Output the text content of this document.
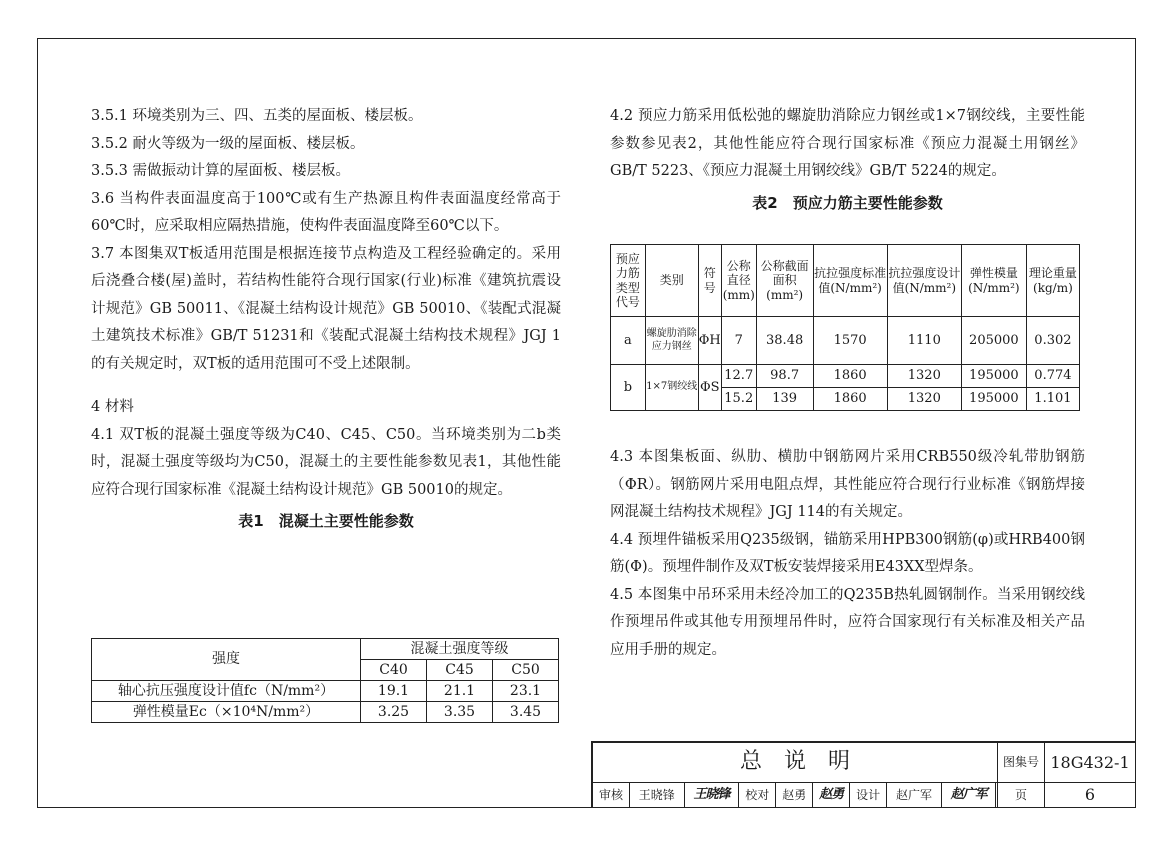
3.5.1 环境类别为三、四、五类的屋面板、楼层板。

3.5.2 耐火等级为一级的屋面板、楼层板。

3.5.3 需做振动计算的屋面板、楼层板。

3.6 当构件表面温度高于100℃或有生产热源且构件表面温度经常高于60℃时，应采取相应隔热措施，使构件表面温度降至60℃以下。

3.7 本图集双T板适用范围是根据连接节点构造及工程经验确定的。采用后浇叠合楼(屋)盖时，若结构性能符合现行国家(行业)标准《建筑抗震设计规范》GB 50011、《混凝土结构设计规范》GB 50010、《装配式混凝土建筑技术标准》GB/T 51231和《装配式混凝土结构技术规程》JGJ 1的有关规定时，双T板的适用范围可不受上述限制。

4 材料

4.1 双T板的混凝土强度等级为C40、C45、C50。当环境类别为二b类时，混凝土强度等级均为C50，混凝土的主要性能参数见表1，其他性能应符合现行国家标准《混凝土结构设计规范》GB 50010的规定。

表1　混凝土主要性能参数
强度	混凝土强度等级		
	C40	C45	C50
轴心抗压强度设计值fc（N/mm²）	19.1	21.1	23.1
弹性模量Ec（×10⁴N/mm²）	3.25	3.35	3.45

4.2 预应力筋采用低松弛的螺旋肋消除应力钢丝或1×7钢绞线，主要性能参数参见表2，其他性能应符合现行国家标准《预应力混凝土用钢丝》GB/T 5223、《预应力混凝土用钢绞线》GB/T 5224的规定。

表2　预应力筋主要性能参数
预应力筋类型代号	类别	符号	公称直径(mm)	公称截面面积(mm²)	抗拉强度标准值(N/mm²)	抗拉强度设计值(N/mm²)	弹性模量(N/mm²)	理论重量(kg/m)
a	螺旋肋消除应力钢丝	ΦH	7	38.48	1570	1110	205000	0.302
b	1×7钢绞线	ΦS	12.7	98.7	1860	1320	195000	0.774
			15.2	139	1860	1320	195000	1.101

4.3 本图集板面、纵肋、横肋中钢筋网片采用CRB550级冷轧带肋钢筋（ΦR）。钢筋网片采用电阻点焊，其性能应符合现行行业标准《钢筋焊接网混凝土结构技术规程》JGJ 114的有关规定。

4.4 预埋件锚板采用Q235级钢，锚筋采用HPB300钢筋(φ)或HRB400钢筋(Φ)。预埋件制作及双T板安装焊接采用E43XX型焊条。

4.5 本图集中吊环采用未经冷加工的Q235B热轧圆钢制作。当采用钢绞线作预埋吊件或其他专用预埋吊件时，应符合国家现行有关标准及相关产品应用手册的规定。

总　说　明										图集号	18G432-1
审核	王晓锋	王晓锋	校对	赵勇	赵勇	设计	赵广军	赵广军		页	6
